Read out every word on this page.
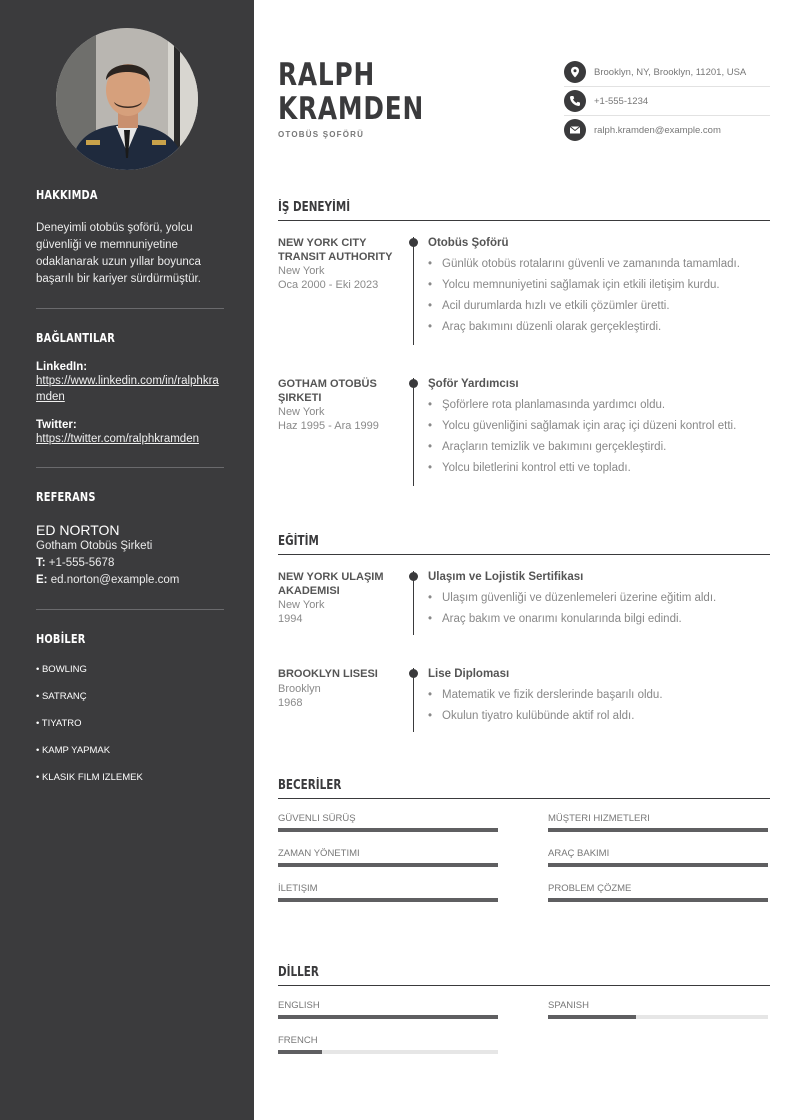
HAKKIMDA
Deneyimli otobüs şoförü, yolcu güvenliği ve memnuniyetine odaklanarak uzun yıllar boyunca başarılı bir kariyer sürdürmüştür.
BAĞLANTILAR
LinkedIn:
https://www.linkedin.com/in/ralphkramden
Twitter:
https://twitter.com/ralphkramden
REFERANS
ED NORTON
Gotham Otobüs Şirketi
T: +1-555-5678
E: ed.norton@example.com
HOBİLER
• BOWLING
• SATRANÇ
• TIYATRO
• KAMP YAPMAK
• KLASIK FILM IZLEMEK
RALPH
KRAMDEN
OTOBÜS ŞOFÖRÜ
Brooklyn, NY, Brooklyn, 11201, USA
+1-555-1234
ralph.kramden@example.com
İŞ DENEYİMİ
NEW YORK CITY TRANSIT AUTHORITY
New York
Oca 2000 - Eki 2023
Otobüs Şoförü
• Günlük otobüs rotalarını güvenli ve zamanında tamamladı.
• Yolcu memnuniyetini sağlamak için etkili iletişim kurdu.
• Acil durumlarda hızlı ve etkili çözümler üretti.
• Araç bakımını düzenli olarak gerçekleştirdi.
GOTHAM OTOBÜS ŞIRKETI
New York
Haz 1995 - Ara 1999
Şoför Yardımcısı
• Şoförlere rota planlamasında yardımcı oldu.
• Yolcu güvenliğini sağlamak için araç içi düzeni kontrol etti.
• Araçların temizlik ve bakımını gerçekleştirdi.
• Yolcu biletlerini kontrol etti ve topladı.
EĞİTİM
NEW YORK ULAŞIM AKADEMISI
New York
1994
Ulaşım ve Lojistik Sertifikası
• Ulaşım güvenliği ve düzenlemeleri üzerine eğitim aldı.
• Araç bakım ve onarımı konularında bilgi edindi.
BROOKLYN LISESI
Brooklyn
1968
Lise Diploması
• Matematik ve fizik derslerinde başarılı oldu.
• Okulun tiyatro kulübünde aktif rol aldı.
BECERİLER
GÜVENLI SÜRÜŞ	MÜŞTERI HIZMETLERI
ZAMAN YÖNETIMI	ARAÇ BAKIMI
İLETIŞIM	PROBLEM ÇÖZME
DİLLER
ENGLISH	SPANISH
FRENCH
